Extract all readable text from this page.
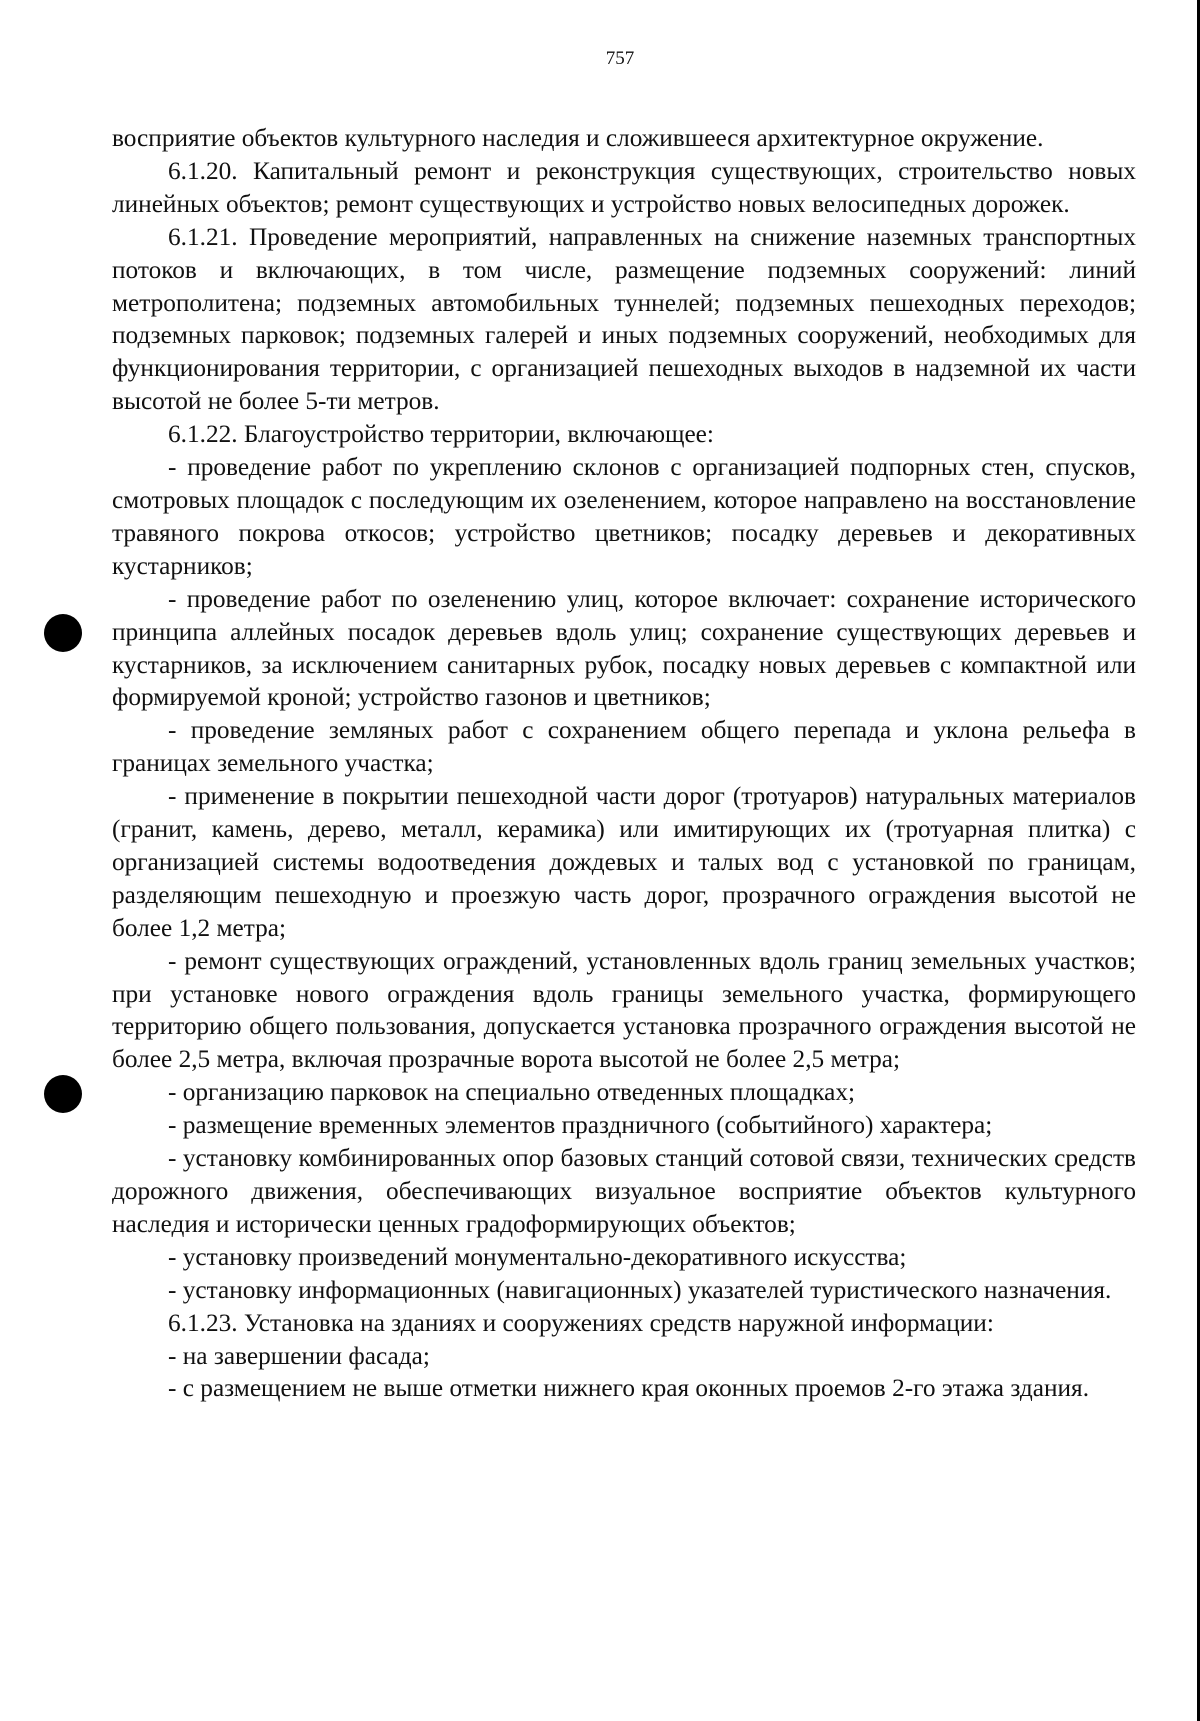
757

восприятие объектов культурного наследия и сложившееся архитектурное окружение.

6.1.20. Капитальный ремонт и реконструкция существующих, строительство новых линейных объектов; ремонт существующих и устройство новых велосипедных дорожек.

6.1.21. Проведение мероприятий, направленных на снижение наземных транспортных потоков и включающих, в том числе, размещение подземных сооружений: линий метрополитена; подземных автомобильных туннелей; подземных пешеходных переходов; подземных парковок; подземных галерей и иных подземных сооружений, необходимых для функционирования территории, с организацией пешеходных выходов в надземной их части высотой не более 5-ти метров.

6.1.22. Благоустройство территории, включающее:

- проведение работ по укреплению склонов с организацией подпорных стен, спусков, смотровых площадок с последующим их озеленением, которое направлено на восстановление травяного покрова откосов; устройство цветников; посадку деревьев и декоративных кустарников;

- проведение работ по озеленению улиц, которое включает: сохранение исторического принципа аллейных посадок деревьев вдоль улиц; сохранение существующих деревьев и кустарников, за исключением санитарных рубок, посадку новых деревьев с компактной или формируемой кроной; устройство газонов и цветников;

- проведение земляных работ с сохранением общего перепада и уклона рельефа в границах земельного участка;

- применение в покрытии пешеходной части дорог (тротуаров) натуральных материалов (гранит, камень, дерево, металл, керамика) или имитирующих их (тротуарная плитка) с организацией системы водоотведения дождевых и талых вод с установкой по границам, разделяющим пешеходную и проезжую часть дорог, прозрачного ограждения высотой не более 1,2 метра;

- ремонт существующих ограждений, установленных вдоль границ земельных участков; при установке нового ограждения вдоль границы земельного участка, формирующего территорию общего пользования, допускается установка прозрачного ограждения высотой не более 2,5 метра, включая прозрачные ворота высотой не более 2,5 метра;

- организацию парковок на специально отведенных площадках;

- размещение временных элементов праздничного (событийного) характера;

- установку комбинированных опор базовых станций сотовой связи, технических средств дорожного движения, обеспечивающих визуальное восприятие объектов культурного наследия и исторически ценных градоформирующих объектов;

- установку произведений монументально-декоративного искусства;

- установку информационных (навигационных) указателей туристического назначения.

6.1.23. Установка на зданиях и сооружениях средств наружной информации:

- на завершении фасада;

- с размещением не выше отметки нижнего края оконных проемов 2-го этажа здания.
